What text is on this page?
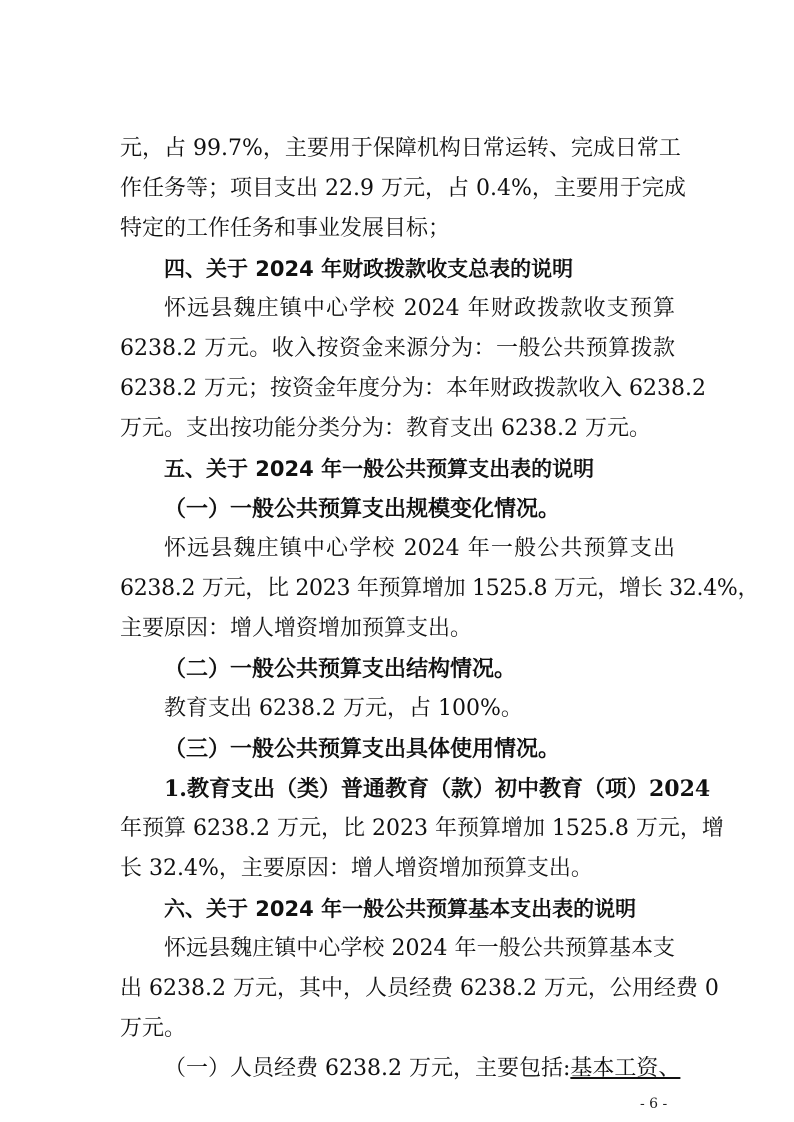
元，占 99.7%，主要用于保障机构日常运转、完成日常工
作任务等；项目支出 22.9 万元，占 0.4%，主要用于完成
特定的工作任务和事业发展目标；
四、关于 2024 年财政拨款收支总表的说明
怀远县魏庄镇中心学校 2024 年财政拨款收支预算
6238.2 万元。收入按资金来源分为：一般公共预算拨款
6238.2 万元；按资金年度分为：本年财政拨款收入 6238.2
万元。支出按功能分类分为：教育支出 6238.2 万元。
五、关于 2024 年一般公共预算支出表的说明
（一）一般公共预算支出规模变化情况。
怀远县魏庄镇中心学校 2024 年一般公共预算支出
6238.2 万元，比 2023 年预算增加 1525.8 万元，增长 32.4%，
主要原因：增人增资增加预算支出。
（二）一般公共预算支出结构情况。
教育支出 6238.2 万元，占 100%。
（三）一般公共预算支出具体使用情况。
1.教育支出（类）普通教育（款）初中教育（项）2024
年预算 6238.2 万元，比 2023 年预算增加 1525.8 万元，增
长 32.4%，主要原因：增人增资增加预算支出。
六、关于 2024 年一般公共预算基本支出表的说明
怀远县魏庄镇中心学校 2024 年一般公共预算基本支
出 6238.2 万元，其中，人员经费 6238.2 万元，公用经费 0
万元。
（一）人员经费 6238.2 万元，主要包括:基本工资、
- 6 -
